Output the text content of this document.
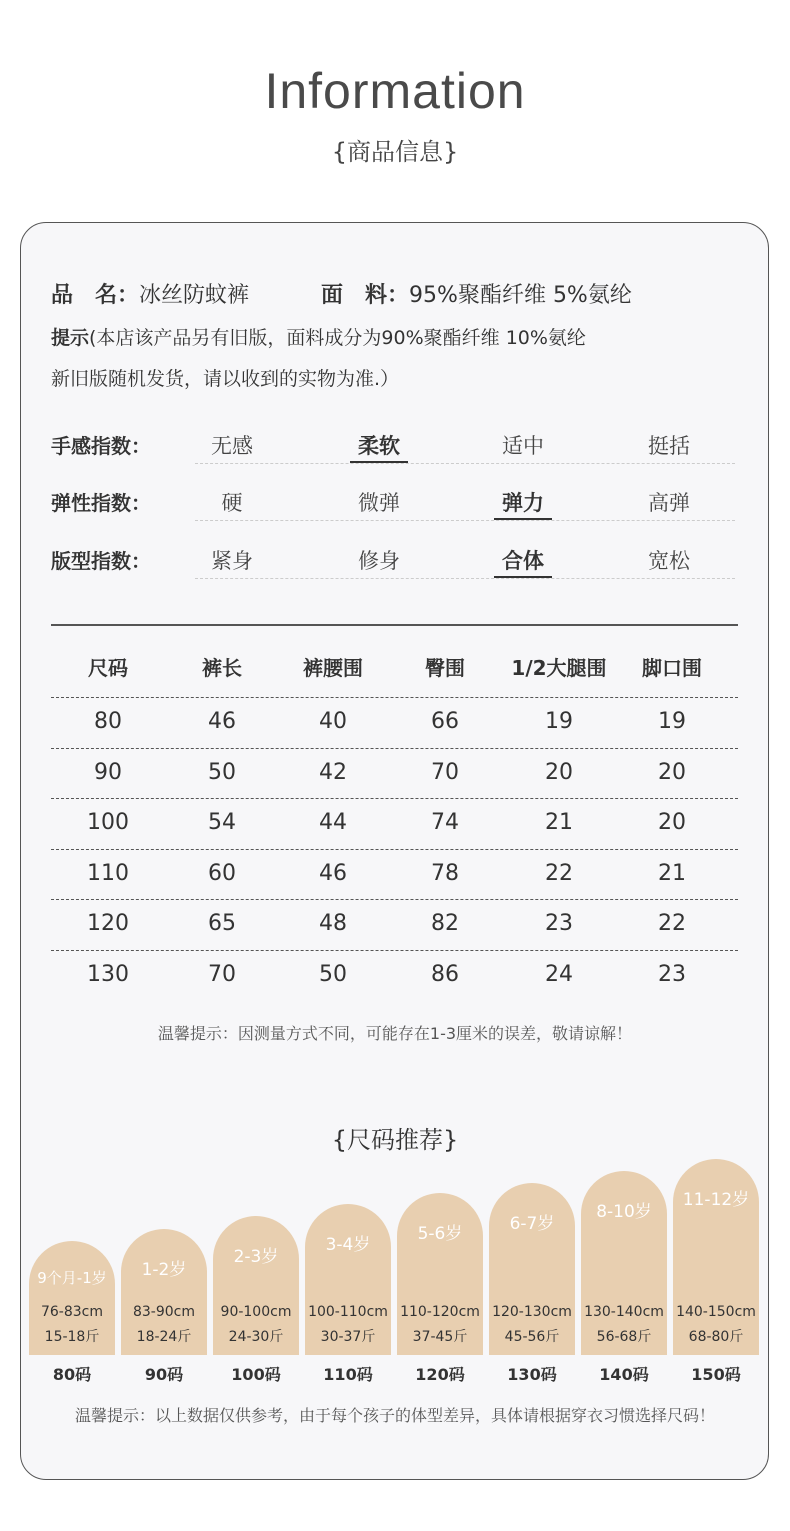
Information
{商品信息}
品　名：冰丝防蚊裤	面　料：95%聚酯纤维 5%氨纶
提示(本店该产品另有旧版，面料成分为90%聚酯纤维 10%氨纶
新旧版随机发货，请以收到的实物为准.）
手感指数：	无感	柔软	适中	挺括
弹性指数：	硬	微弹	弹力	高弹
版型指数：	紧身	修身	合体	宽松
尺码	裤长	裤腰围	臀围	1/2大腿围	脚口围
80	46	40	66	19	19
90	50	42	70	20	20
100	54	44	74	21	20
110	60	46	78	22	21
120	65	48	82	23	22
130	70	50	86	24	23
温馨提示：因测量方式不同，可能存在1-3厘米的误差，敬请谅解！
{尺码推荐}
9个月-1岁
76-83cm
15-18斤
80码
1-2岁
83-90cm
18-24斤
90码
2-3岁
90-100cm
24-30斤
100码
3-4岁
100-110cm
30-37斤
110码
5-6岁
110-120cm
37-45斤
120码
6-7岁
120-130cm
45-56斤
130码
8-10岁
130-140cm
56-68斤
140码
11-12岁
140-150cm
68-80斤
150码
温馨提示：以上数据仅供参考，由于每个孩子的体型差异，具体请根据穿衣习惯选择尺码！
